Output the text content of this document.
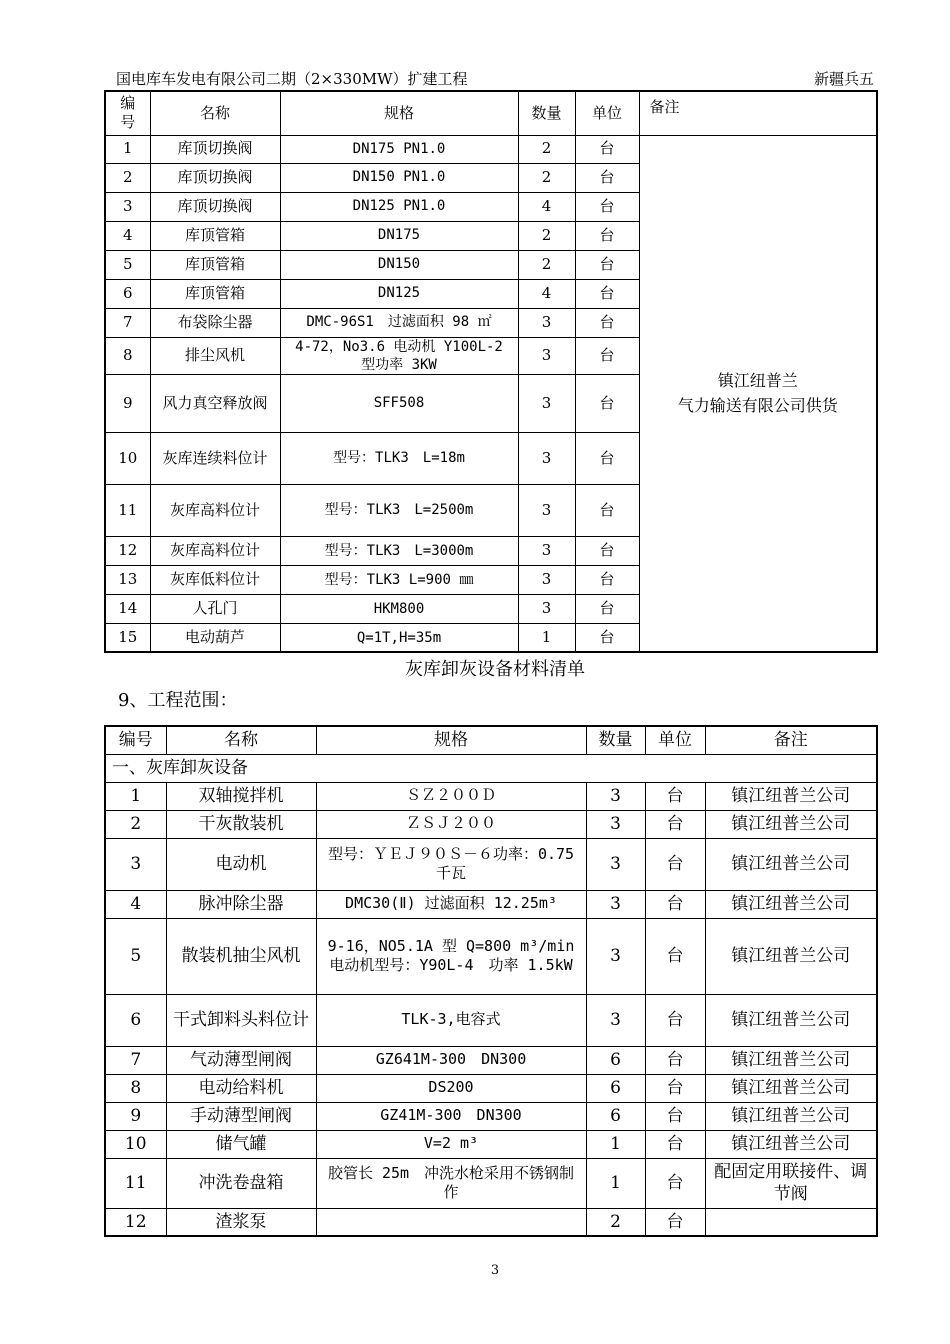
国电库车发电有限公司二期（2×330MW）扩建工程	新疆兵五
编
号	名称	规格	数量	单位	备注
1	库顶切换阀	DN175 PN1.0	2	台	镇江纽普兰
气力输送有限公司供货
2	库顶切换阀	DN150 PN1.0	2	台	
3	库顶切换阀	DN125 PN1.0	4	台	
4	库顶管箱	DN175	2	台	
5	库顶管箱	DN150	2	台	
6	库顶管箱	DN125	4	台	
7	布袋除尘器	DMC-96S1　过滤面积 98 ㎡	3	台	
8	排尘风机	4-72，No3.6 电动机 Y100L-2 型功率 3KW	3	台	
9	风力真空释放阀	SFF508	3	台	
10	灰库连续料位计	型号：TLK3　L=18m	3	台	
11	灰库高料位计	型号：TLK3　L=2500m	3	台	
12	灰库高料位计	型号：TLK3　L=3000m	3	台	
13	灰库低料位计	型号：TLK3 L=900 ㎜	3	台	
14	人孔门	HKM800	3	台	
15	电动葫芦	Q=1T,H=35m	1	台	
灰库卸灰设备材料清单
9、工程范围：
编号	名称	规格	数量	单位	备注
一、灰库卸灰设备					
1	双轴搅拌机	ＳＺ２００Ｄ	3	台	镇江纽普兰公司
2	干灰散装机	ＺＳＪ２００	3	台	镇江纽普兰公司
3	电动机	型号：ＹＥＪ９０Ｓ－６功率：0.75 千瓦	3	台	镇江纽普兰公司
4	脉冲除尘器	DMC30(Ⅱ) 过滤面积 12.25m³	3	台	镇江纽普兰公司
5	散装机抽尘风机	9-16，NO5.1A 型 Q=800 m³/min 电动机型号：Y90L-4　功率 1.5kW	3	台	镇江纽普兰公司
6	干式卸料头料位计	TLK-3,电容式	3	台	镇江纽普兰公司
7	气动薄型闸阀	GZ641M-300　DN300	6	台	镇江纽普兰公司
8	电动给料机	DS200	6	台	镇江纽普兰公司
9	手动薄型闸阀	GZ41M-300　DN300	6	台	镇江纽普兰公司
10	储气罐	V=2 m³	1	台	镇江纽普兰公司
11	冲洗卷盘箱	胶管长 25m　冲洗水枪采用不锈钢制作	1	台	配固定用联接件、调节阀
12	渣浆泵		2	台	
3
